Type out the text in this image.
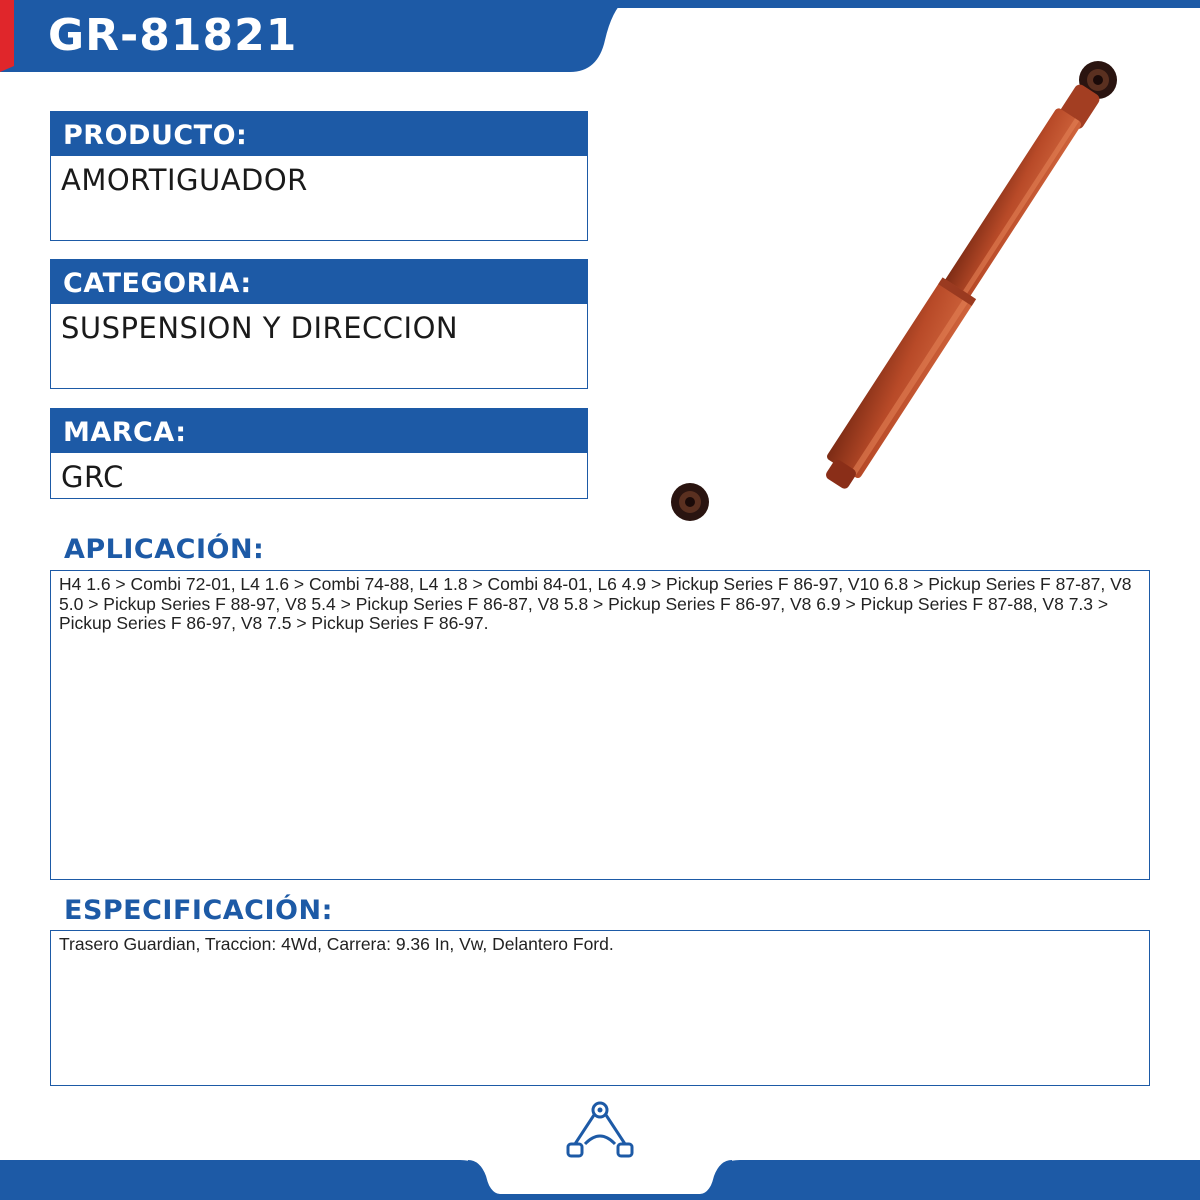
GR-81821
PRODUCTO:
AMORTIGUADOR
CATEGORIA:
SUSPENSION Y DIRECCION
MARCA:
GRC
APLICACIÓN:
H4 1.6 > Combi 72-01, L4 1.6 > Combi 74-88, L4 1.8 > Combi 84-01, L6 4.9 > Pickup Series F 86-97, V10 6.8 > Pickup Series F 87-87, V8 5.0 > Pickup Series F 88-97, V8 5.4 > Pickup Series F 86-87, V8 5.8 > Pickup Series F 86-97, V8 6.9 > Pickup Series F 87-88, V8 7.3 > Pickup Series F 86-97, V8 7.5 > Pickup Series F 86-97.
ESPECIFICACIÓN:
Trasero Guardian, Traccion: 4Wd, Carrera: 9.36 In, Vw, Delantero Ford.
SUSPENSIÓN Y DIRECCIÓN
